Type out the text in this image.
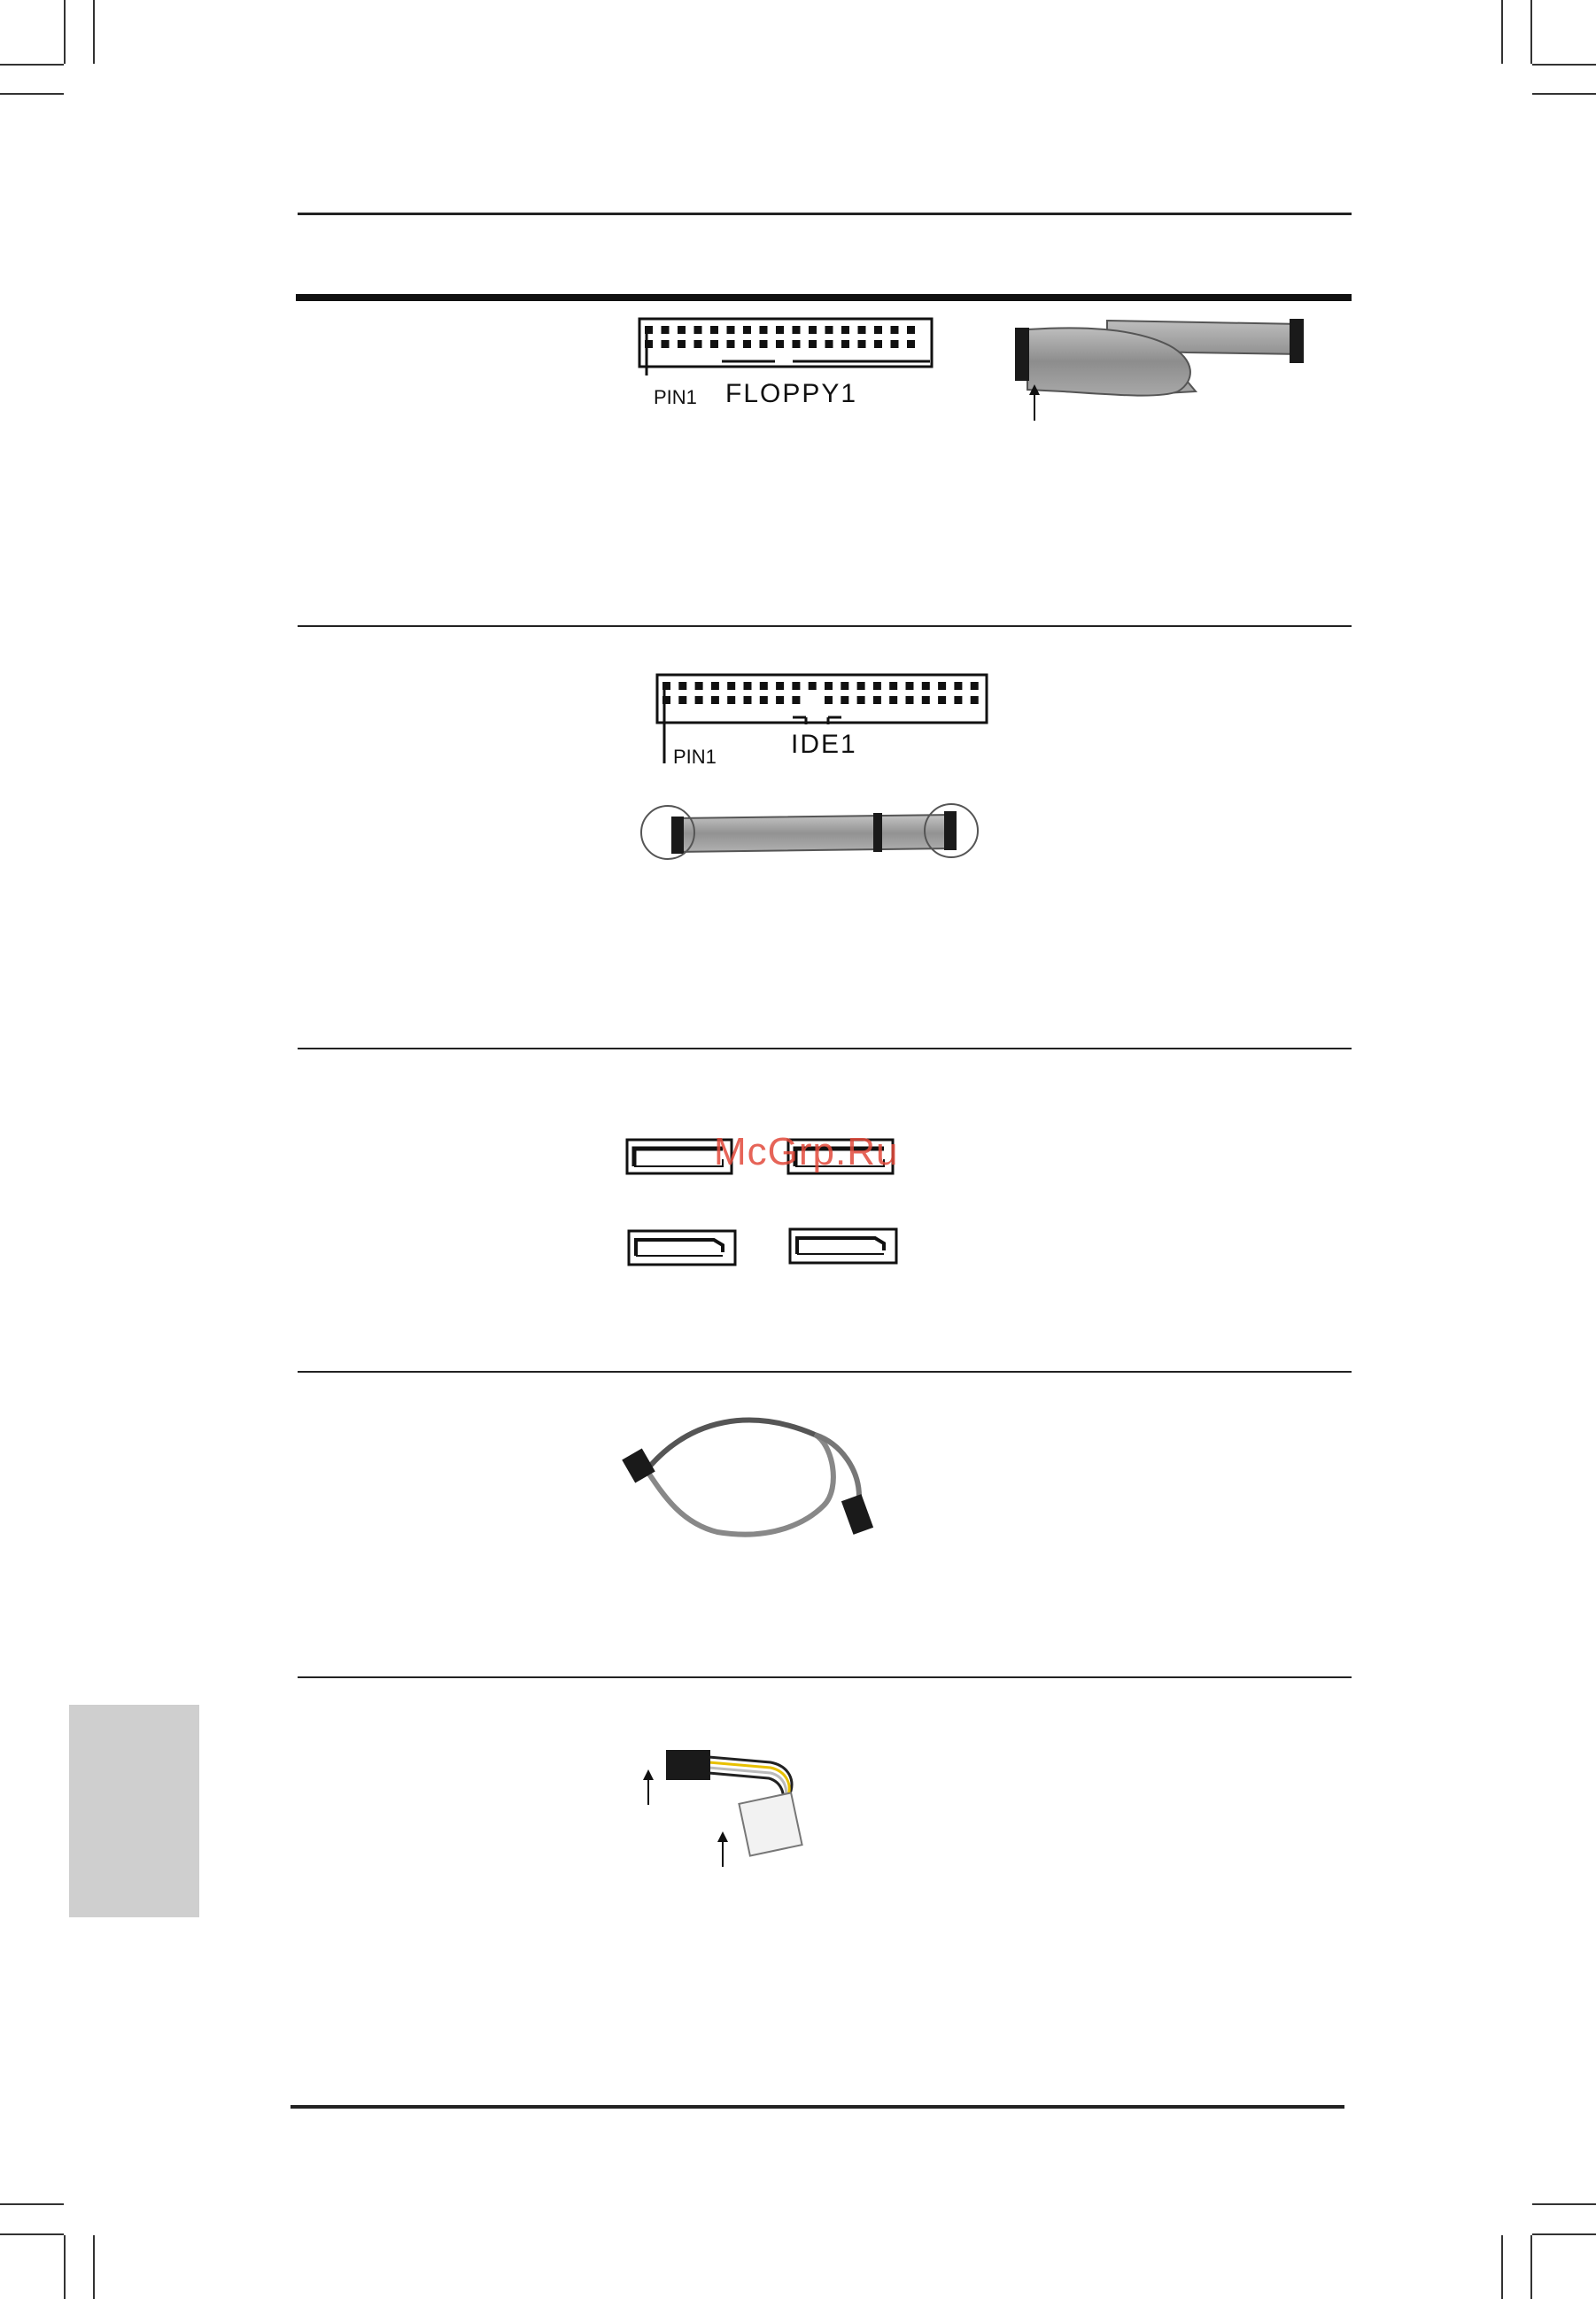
PIN1 FLOPPY1
PIN1	IDE1
McGrp.Ru
